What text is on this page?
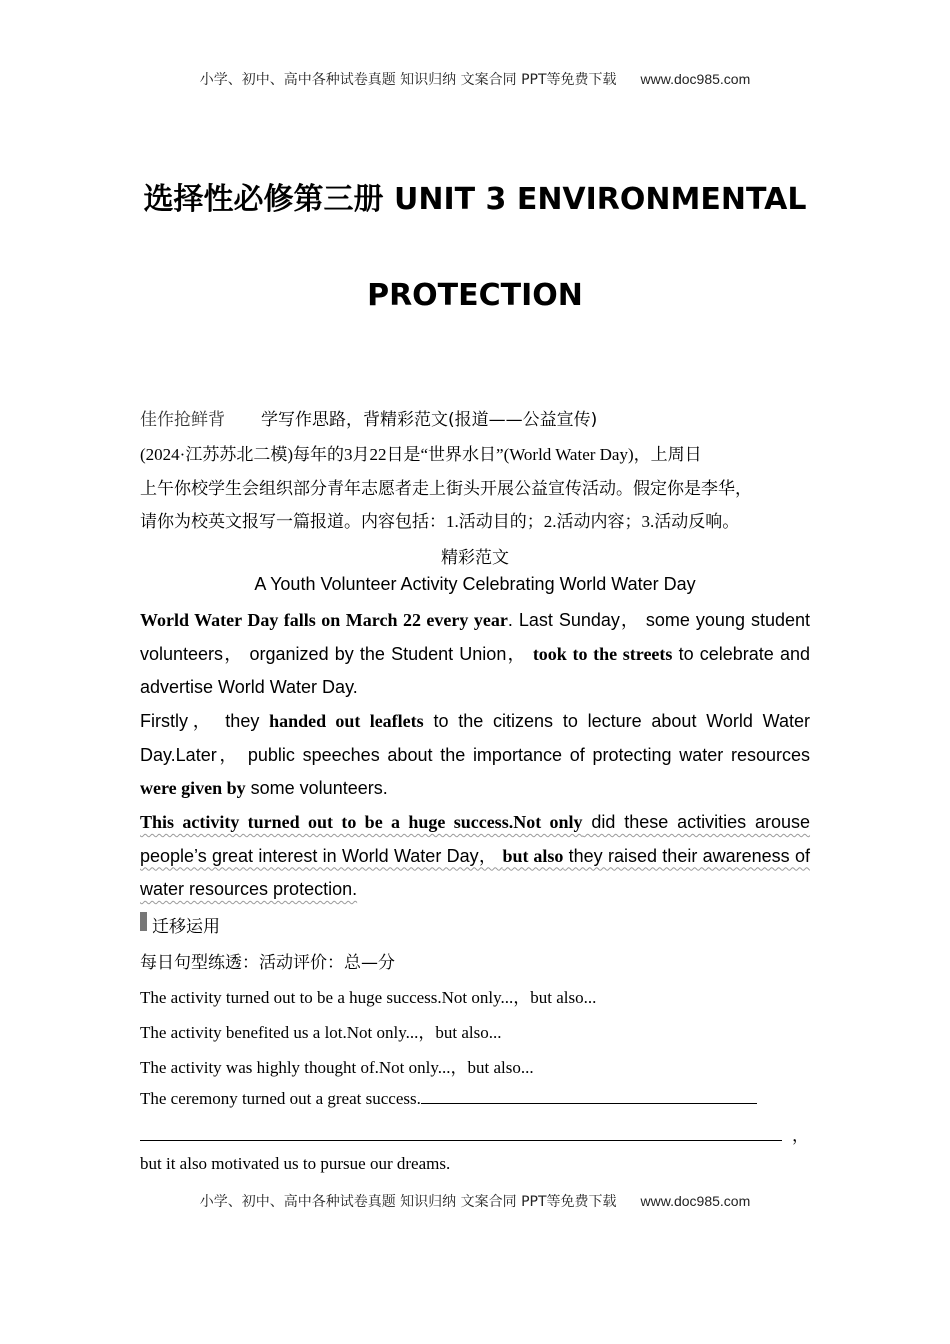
小学、初中、高中各种试卷真题 知识归纳 文案合同 PPT等免费下载 www.doc985.com
选择性必修第三册 UNIT 3 ENVIRONMENTAL
PROTECTION
佳作抢鲜背 学写作思路，背精彩范文(报道——公益宣传)

(2024·江苏苏北二模)每年的3月22日是“世界水日”(World Water Day)，上周日

上午你校学生会组织部分青年志愿者走上街头开展公益宣传活动。假定你是李华，

请你为校英文报写一篇报道。内容包括：1.活动目的；2.活动内容；3.活动反响。

精彩范文
A Youth Volunteer Activity Celebrating World Water Day
World Water Day falls on March 22 every year. Last Sunday， some young student volunteers， organized by the Student Union， took to the streets to celebrate and advertise World Water Day.
Firstly， they handed out leaflets to the citizens to lecture about World Water Day.Later， public speeches about the importance of protecting water resources were given by some volunteers.
This activity turned out to be a huge success.Not only did these activities arouse people’s great interest in World Water Day， but also they raised their awareness of water resources protection.
迁移运用
每日句型练透：活动评价：总—分
The activity turned out to be a huge success.Not only...，but also...
The activity benefited us a lot.Not only...，but also...
The activity was highly thought of.Not only...，but also...
The ceremony turned out a great success.
，
but it also motivated us to pursue our dreams.
小学、初中、高中各种试卷真题 知识归纳 文案合同 PPT等免费下载 www.doc985.com
